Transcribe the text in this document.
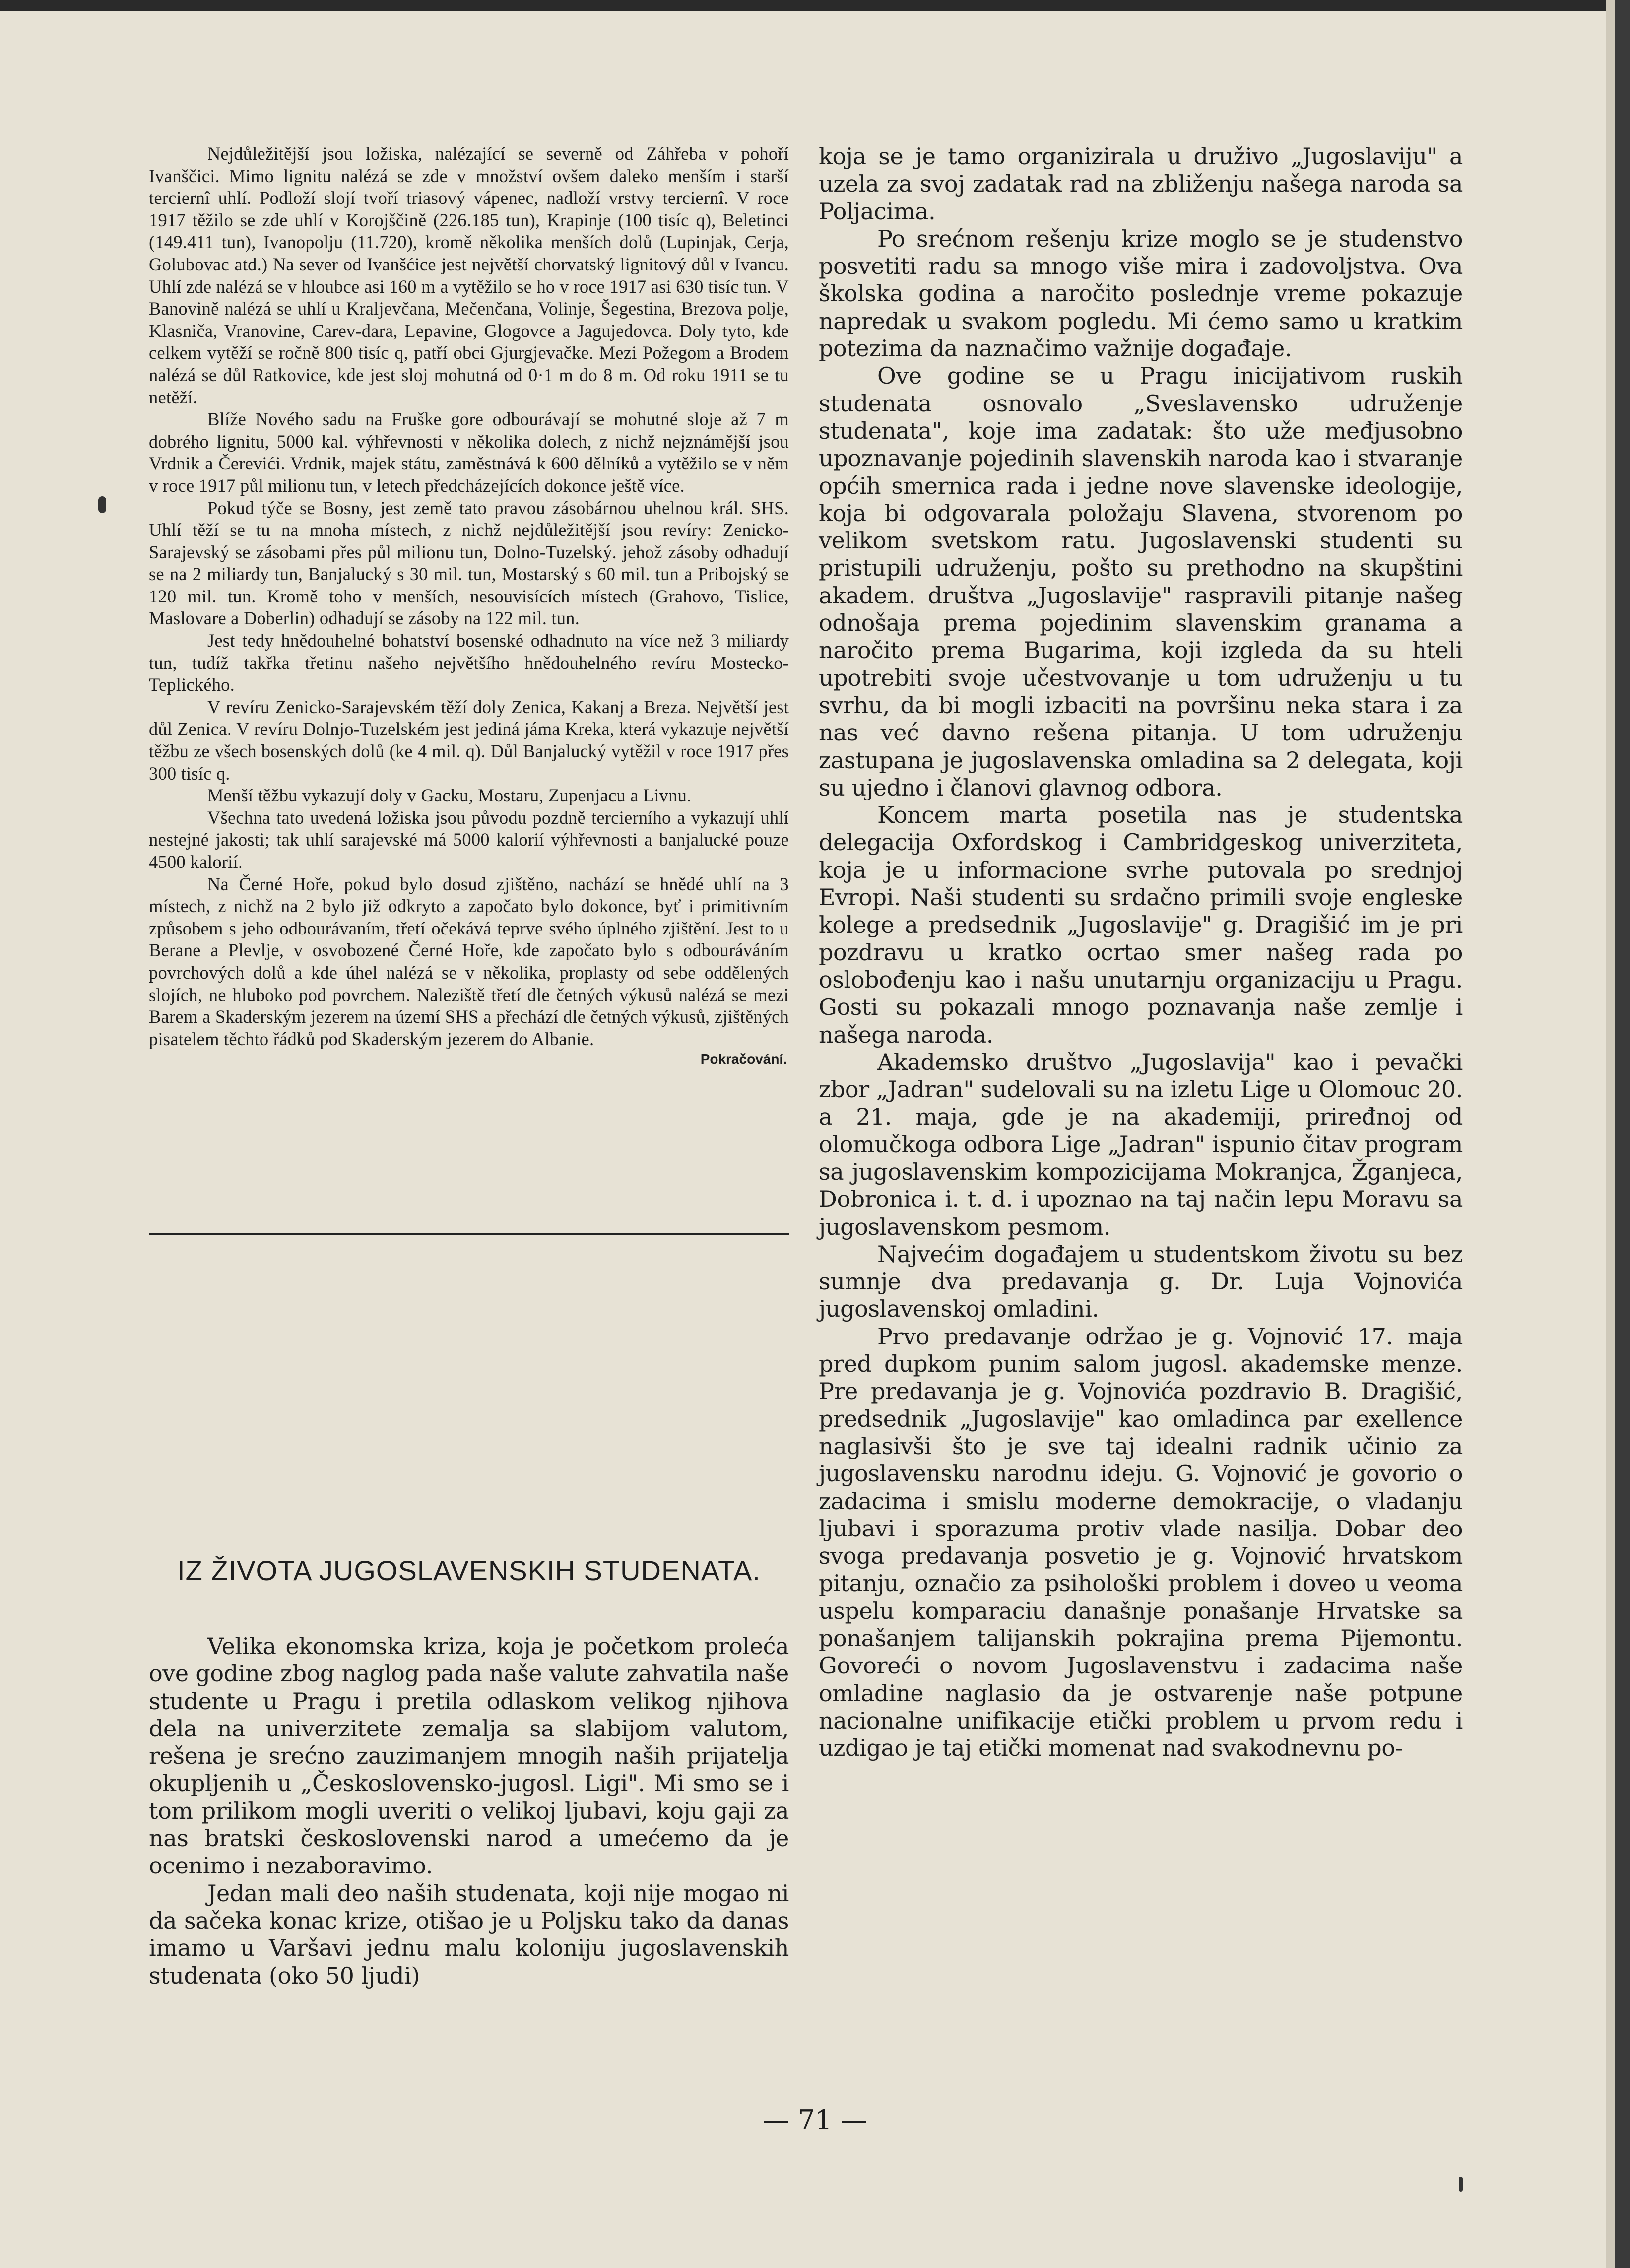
Nejdůležitější jsou ložiska, nalézající se severně od Záhřeba v pohoří Ivanščici. Mimo lignitu nalézá se zde v množství ovšem daleko menším i starší terciernî uhlí. Podloží slojí tvoří triasový vápenec, nadloží vrstvy terciernî. V roce 1917 těžilo se zde uhlí v Korojščině (226.185 tun), Krapinje (100 tisíc q), Beletinci (149.411 tun), Ivanopolju (11.720), kromě několika menších dolů (Lupinjak, Cerja, Golubovac atd.) Na sever od Ivanšćice jest největší chorvatský lignitový důl v Ivancu. Uhlí zde nalézá se v hloubce asi 160 m a vytěžilo se ho v roce 1917 asi 630 tisíc tun. V Banovině nalézá se uhlí u Kraljevčana, Mečenčana, Volinje, Šegestina, Brezova polje, Klasniča, Vranovine, Carev-dara, Lepavine, Glogovce a Jagujedovca. Doly tyto, kde celkem vytěží se ročně 800 tisíc q, patří obci Gjurgjevačke. Mezi Požegom a Brodem nalézá se důl Ratkovice, kde jest sloj mohutná od 0·1 m do 8 m. Od roku 1911 se tu netěží.

Blíže Nového sadu na Fruške gore odbourávají se mohutné sloje až 7 m dobrého lignitu, 5000 kal. výhřevnosti v několika dolech, z nichž nejznámější jsou Vrdnik a Čerevići. Vrdnik, majek státu, zaměstnává k 600 dělníků a vytěžilo se v něm v roce 1917 půl milionu tun, v letech předcházejících dokonce ještě více.

Pokud týče se Bosny, jest země tato pravou zásobárnou uhelnou král. SHS. Uhlí těží se tu na mnoha místech, z nichž nejdůležitější jsou revíry: Zenicko-Sarajevský se zásobami přes půl milionu tun, Dolno-Tuzelský. jehož zásoby odhadují se na 2 miliardy tun, Banjalucký s 30 mil. tun, Mostarský s 60 mil. tun a Pribojský se 120 mil. tun. Kromě toho v menších, nesouvisících místech (Grahovo, Tislice, Maslovare a Doberlin) odhadují se zásoby na 122 mil. tun.

Jest tedy hnědouhelné bohatství bosenské odhadnuto na více než 3 miliardy tun, tudíž takřka třetinu našeho největšího hnědouhelného revíru Mostecko-Teplického.

V revíru Zenicko-Sarajevském těží doly Zenica, Kakanj a Breza. Největší jest důl Zenica. V revíru Dolnjo-Tuzelském jest jediná jáma Kreka, která vykazuje největší těžbu ze všech bosenských dolů (ke 4 mil. q). Důl Banjalucký vytěžil v roce 1917 přes 300 tisíc q.

Menší těžbu vykazují doly v Gacku, Mostaru, Zupenjacu a Livnu.

Všechna tato uvedená ložiska jsou původu pozdně tercierního a vykazují uhlí nestejné jakosti; tak uhlí sarajevské má 5000 kalorií výhřevnosti a banjalucké pouze 4500 kalorií.

Na Černé Hoře, pokud bylo dosud zjištěno, nachází se hnědé uhlí na 3 místech, z nichž na 2 bylo již odkryto a započato bylo dokonce, byť i primitivním způsobem s jeho odbourávaním, třetí očekává teprve svého úplného zjištění. Jest to u Berane a Plevlje, v osvobozené Černé Hoře, kde započato bylo s odbouráváním povrchových dolů a kde úhel nalézá se v několika, proplasty od sebe oddělených slojích, ne hluboko pod povrchem. Naleziště třetí dle četných výkusů nalézá se mezi Barem a Skaderským jezerem na území SHS a přechází dle četných výkusů, zjištěných pisatelem těchto řádků pod Skaderským jezerem do Albanie.

Pokračování.
IZ ŽIVOTA JUGOSLAVENSKIH STUDENATA.

Velika ekonomska kriza, koja je početkom proleća ove godine zbog naglog pada naše valute zahvatila naše studente u Pragu i pretila odlaskom velikog njihova dela na univerzitete zemalja sa slabijom valutom, rešena je srećno zauzimanjem mnogih naših prijatelja okupljenih u „Československo-jugosl. Ligi". Mi smo se i tom prilikom mogli uveriti o velikoj ljubavi, koju gaji za nas bratski československi narod a umećemo da je ocenimo i nezaboravimo.

Jedan mali deo naših studenata, koji nije mogao ni da sačeka konac krize, otišao je u Poljsku tako da danas imamo u Varšavi jednu malu koloniju jugoslavenskih studenata (oko 50 ljudi)

koja se je tamo organizirala u druživo „Jugoslaviju" a uzela za svoj zadatak rad na zbliženju našega naroda sa Poljacima.

Po srećnom rešenju krize moglo se je studenstvo posvetiti radu sa mnogo više mira i zadovoljstva. Ova školska godina a naročito poslednje vreme pokazuje napredak u svakom pogledu. Mi ćemo samo u kratkim potezima da naznačimo važnije događaje.

Ove godine se u Pragu inicijativom ruskih studenata osnovalo „Sveslavensko udruženje studenata", koje ima zadatak: što uže međjusobno upoznavanje pojedinih slavenskih naroda kao i stvaranje općih smernica rada i jedne nove slavenske ideologije, koja bi odgovarala položaju Slavena, stvorenom po velikom svetskom ratu. Jugoslavenski studenti su pristupili udruženju, pošto su prethodno na skupštini akadem. društva „Jugoslavije" raspravili pitanje našeg odnošaja prema pojedinim slavenskim granama a naročito prema Bugarima, koji izgleda da su hteli upotrebiti svoje učestvovanje u tom udruženju u tu svrhu, da bi mogli izbaciti na površinu neka stara i za nas već davno rešena pitanja. U tom udruženju zastupana je jugoslavenska omladina sa 2 delegata, koji su ujedno i članovi glavnog odbora.

Koncem marta posetila nas je studentska delegacija Oxfordskog i Cambridgeskog univerziteta, koja je u informacione svrhe putovala po srednjoj Evropi. Naši studenti su srdačno primili svoje engleske kolege a predsednik „Jugoslavije" g. Dragišić im je pri pozdravu u kratko ocrtao smer našeg rada po oslobođenju kao i našu unutarnju organizaciju u Pragu. Gosti su pokazali mnogo poznavanja naše zemlje i našega naroda.

Akademsko društvo „Jugoslavija" kao i pevački zbor „Jadran" sudelovali su na izletu Lige u Olomouc 20. a 21. maja, gde je na akademiji, priređnoj od olomučkoga odbora Lige „Jadran" ispunio čitav program sa jugoslavenskim kompozicijama Mokranjca, Žganjeca, Dobronica i. t. d. i upoznao na taj način lepu Moravu sa jugoslavenskom pesmom.

Najvećim događajem u studentskom životu su bez sumnje dva predavanja g. Dr. Luja Vojnovića jugoslavenskoj omladini.

Prvo predavanje održao je g. Vojnović 17. maja pred dupkom punim salom jugosl. akademske menze. Pre predavanja je g. Vojnovića pozdravio B. Dragišić, predsednik „Jugoslavije" kao omladinca par exellence naglasivši što je sve taj idealni radnik učinio za jugoslavensku narodnu ideju. G. Vojnović je govorio o zadacima i smislu moderne demokracije, o vladanju ljubavi i sporazuma protiv vlade nasilja. Dobar deo svoga predavanja posvetio je g. Vojnović hrvatskom pitanju, označio za psihološki problem i doveo u veoma uspelu komparaciu današnje ponašanje Hrvatske sa ponašanjem talijanskih pokrajina prema Pijemontu. Govoreći o novom Jugoslavenstvu i zadacima naše omladine naglasio da je ostvarenje naše potpune nacionalne unifikacije etički problem u prvom redu i uzdigao je taj etički momenat nad svakodnevnu po-

— 71 —
